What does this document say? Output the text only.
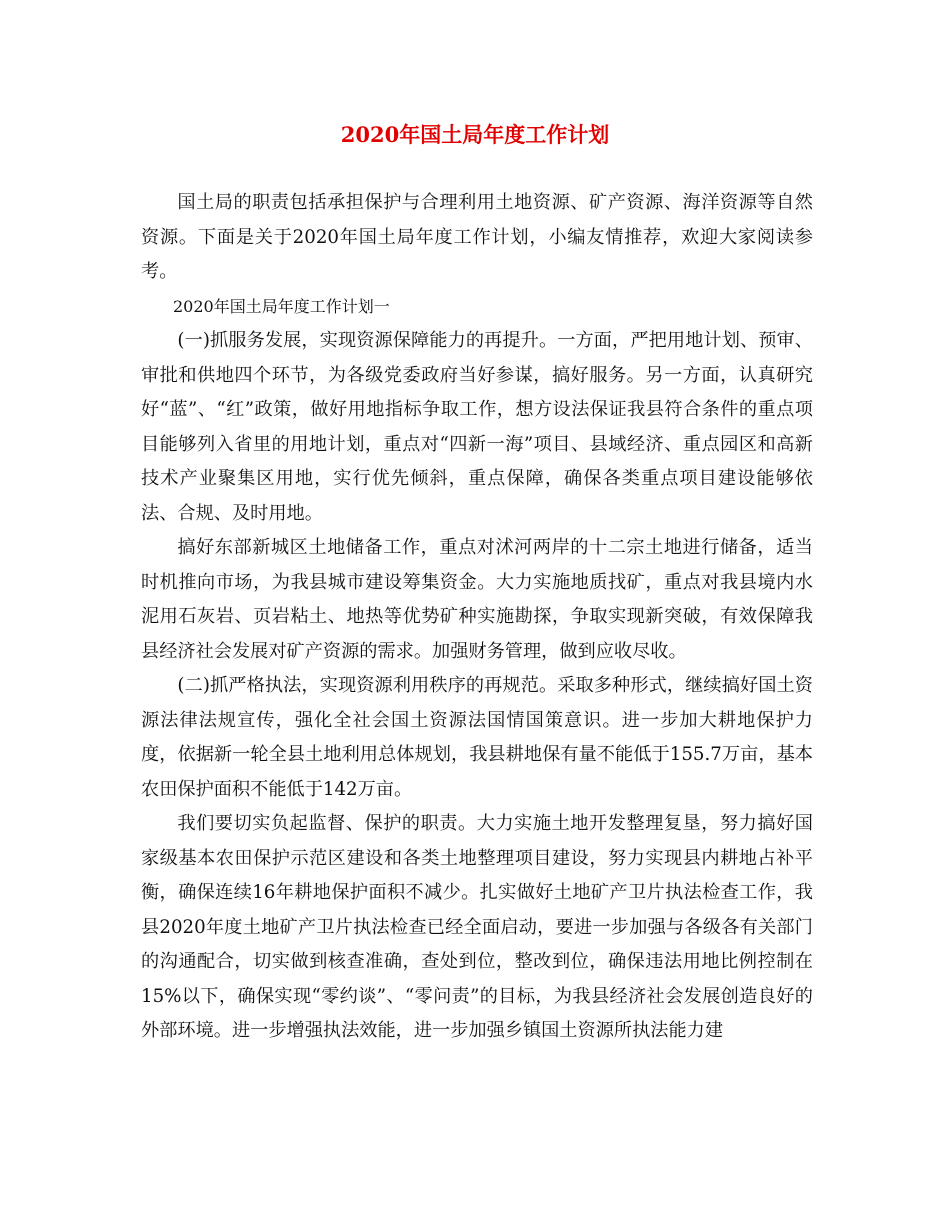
2020年国土局年度工作计划

国土局的职责包括承担保护与合理利用土地资源、矿产资源、海洋资源等自然资源。下面是关于2020年国土局年度工作计划，小编友情推荐，欢迎大家阅读参考。

2020年国土局年度工作计划一

(一)抓服务发展，实现资源保障能力的再提升。一方面，严把用地计划、预审、审批和供地四个环节，为各级党委政府当好参谋，搞好服务。另一方面，认真研究好“蓝”、“红”政策，做好用地指标争取工作，想方设法保证我县符合条件的重点项目能够列入省里的用地计划，重点对“四新一海”项目、县域经济、重点园区和高新技术产业聚集区用地，实行优先倾斜，重点保障，确保各类重点项目建设能够依法、合规、及时用地。

搞好东部新城区土地储备工作，重点对沭河两岸的十二宗土地进行储备，适当时机推向市场，为我县城市建设筹集资金。大力实施地质找矿，重点对我县境内水泥用石灰岩、页岩粘土、地热等优势矿种实施勘探，争取实现新突破，有效保障我县经济社会发展对矿产资源的需求。加强财务管理，做到应收尽收。

(二)抓严格执法，实现资源利用秩序的再规范。采取多种形式，继续搞好国土资源法律法规宣传，强化全社会国土资源法国情国策意识。进一步加大耕地保护力度，依据新一轮全县土地利用总体规划，我县耕地保有量不能低于155.7万亩，基本农田保护面积不能低于142万亩。

我们要切实负起监督、保护的职责。大力实施土地开发整理复垦，努力搞好国家级基本农田保护示范区建设和各类土地整理项目建设，努力实现县内耕地占补平衡，确保连续16年耕地保护面积不减少。扎实做好土地矿产卫片执法检查工作，我县2020年度土地矿产卫片执法检查已经全面启动，要进一步加强与各级各有关部门的沟通配合，切实做到核查准确，查处到位，整改到位，确保违法用地比例控制在15%以下，确保实现“零约谈”、“零问责”的目标，为我县经济社会发展创造良好的外部环境。进一步增强执法效能，进一步加强乡镇国土资源所执法能力建
